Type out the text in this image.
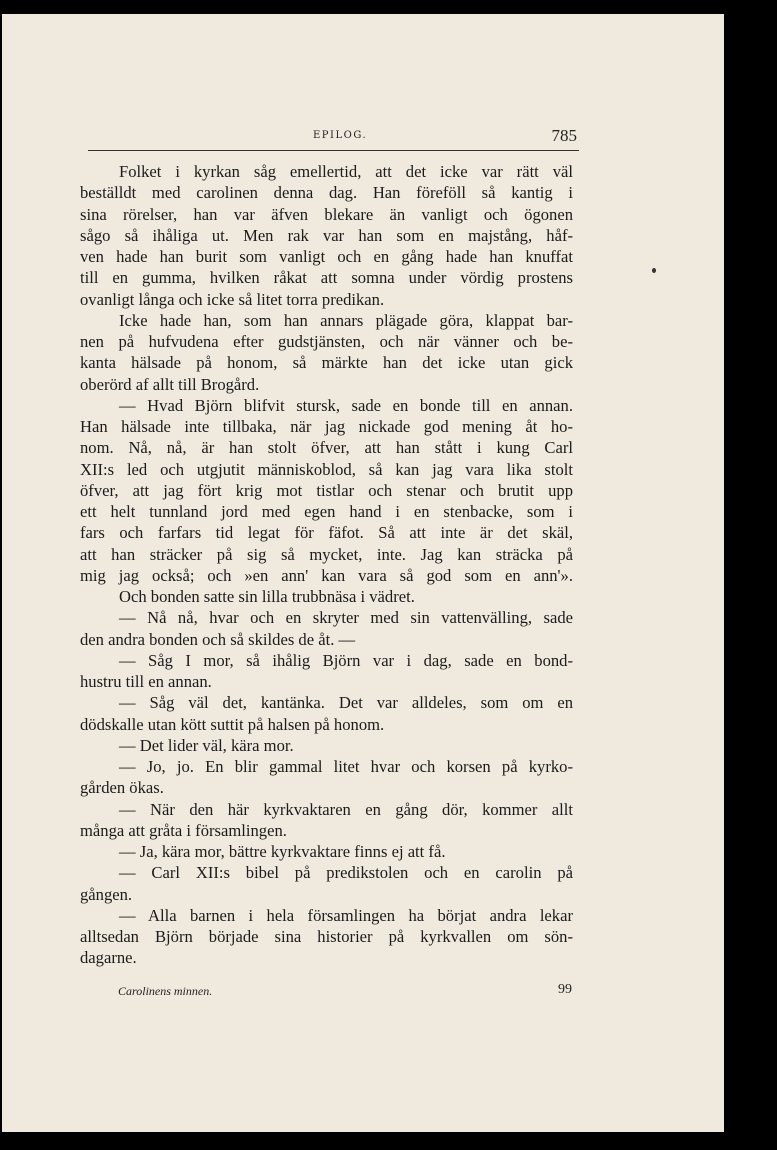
EPILOG.	785
Folket i kyrkan såg emellertid, att det icke var rätt väl
beställdt med carolinen denna dag. Han föreföll så kantig i
sina rörelser, han var äfven blekare än vanligt och ögonen
sågo så ihåliga ut. Men rak var han som en majstång, håf-
ven hade han burit som vanligt och en gång hade han knuffat
till en gumma, hvilken råkat att somna under vördig prostens
ovanligt långa och icke så litet torra predikan.
Icke hade han, som han annars plägade göra, klappat bar-
nen på hufvudena efter gudstjänsten, och när vänner och be-
kanta hälsade på honom, så märkte han det icke utan gick
oberörd af allt till Brogård.
— Hvad Björn blifvit stursk, sade en bonde till en annan.
Han hälsade inte tillbaka, när jag nickade god mening åt ho-
nom. Nå, nå, är han stolt öfver, att han stått i kung Carl
XII:s led och utgjutit människoblod, så kan jag vara lika stolt
öfver, att jag fört krig mot tistlar och stenar och brutit upp
ett helt tunnland jord med egen hand i en stenbacke, som i
fars och farfars tid legat för fäfot. Så att inte är det skäl,
att han sträcker på sig så mycket, inte. Jag kan sträcka på
mig jag också; och »en ann' kan vara så god som en ann'».
Och bonden satte sin lilla trubbnäsa i vädret.
— Nå nå, hvar och en skryter med sin vattenvälling, sade
den andra bonden och så skildes de åt. —
— Såg I mor, så ihålig Björn var i dag, sade en bond-
hustru till en annan.
— Såg väl det, kantänka. Det var alldeles, som om en
dödskalle utan kött suttit på halsen på honom.
— Det lider väl, kära mor.
— Jo, jo. En blir gammal litet hvar och korsen på kyrko-
gården ökas.
— När den här kyrkvaktaren en gång dör, kommer allt
många att gråta i församlingen.
— Ja, kära mor, bättre kyrkvaktare finns ej att få.
— Carl XII:s bibel på predikstolen och en carolin på
gången.
— Alla barnen i hela församlingen ha börjat andra lekar
alltsedan Björn började sina historier på kyrkvallen om sön-
dagarne.
Carolinens minnen.	99
